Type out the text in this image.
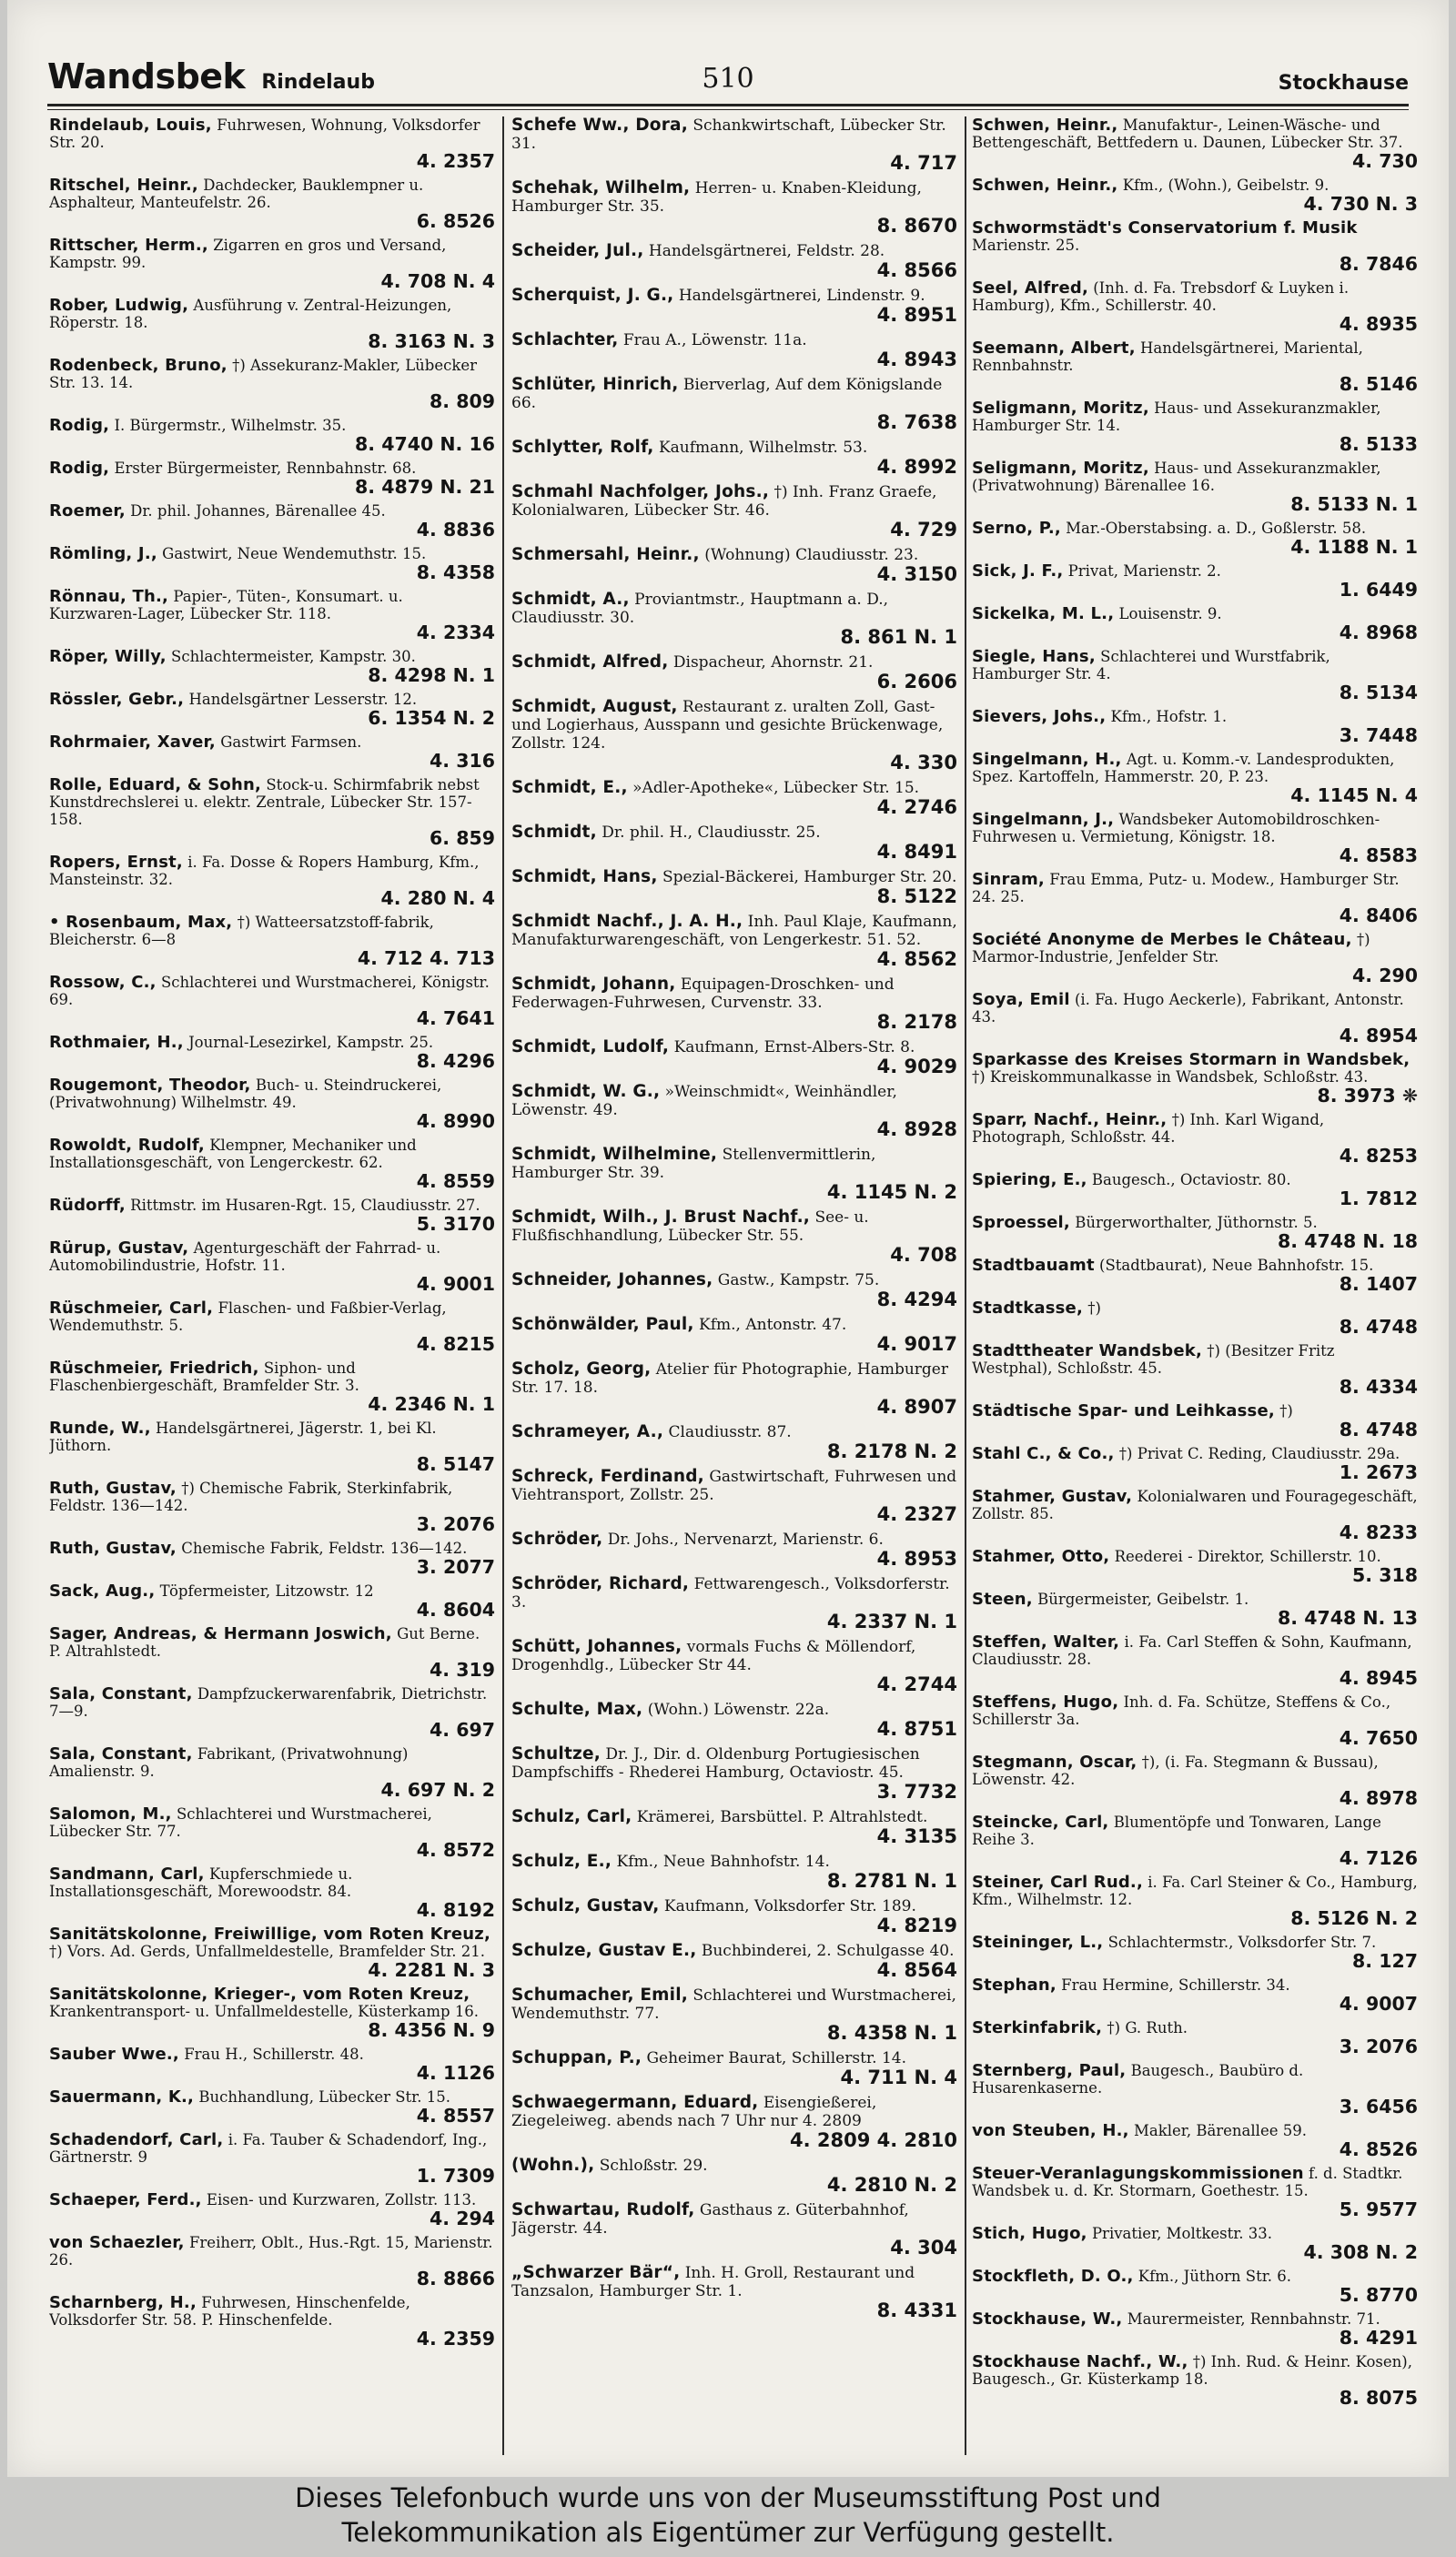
Wandsbek Rindelaub	510	Stockhause
Rindelaub, Louis, Fuhrwesen, Wohnung, Volksdorfer Str. 20.
4. 2357
Ritschel, Heinr., Dachdecker, Bauklempner u. Asphalteur, Manteufelstr. 26.
6. 8526
Rittscher, Herm., Zigarren en gros und Versand, Kampstr. 99.
4. 708 N. 4
Rober, Ludwig, Ausführung v. Zentral-Heizungen, Röperstr. 18.
8. 3163 N. 3
Rodenbeck, Bruno, †) Assekuranz-Makler, Lübecker Str. 13. 14.
8. 809
Rodig, I. Bürgermstr., Wilhelmstr. 35.
8. 4740 N. 16
Rodig, Erster Bürgermeister, Rennbahnstr. 68.
8. 4879 N. 21
Roemer, Dr. phil. Johannes, Bärenallee 45.
4. 8836
Römling, J., Gastwirt, Neue Wendemuthstr. 15.
8. 4358
Rönnau, Th., Papier-, Tüten-, Konsumart. u. Kurzwaren-Lager, Lübecker Str. 118.
4. 2334
Röper, Willy, Schlachtermeister, Kampstr. 30.
8. 4298 N. 1
Rössler, Gebr., Handelsgärtner Lesserstr. 12.
6. 1354 N. 2
Rohrmaier, Xaver, Gastwirt Farmsen.
4. 316
Rolle, Eduard, & Sohn, Stock-u. Schirmfabrik nebst Kunstdrechslerei u. elektr. Zentrale, Lübecker Str. 157-158.
6. 859
Ropers, Ernst, i. Fa. Dosse & Ropers Hamburg, Kfm., Mansteinstr. 32.
4. 280 N. 4
• Rosenbaum, Max, †) Watteersatzstoff-fabrik, Bleicherstr. 6—8
4. 712 4. 713
Rossow, C., Schlachterei und Wurstmacherei, Königstr. 69.
4. 7641
Rothmaier, H., Journal-Lesezirkel, Kampstr. 25.
8. 4296
Rougemont, Theodor, Buch- u. Steindruckerei, (Privatwohnung) Wilhelmstr. 49.
4. 8990
Rowoldt, Rudolf, Klempner, Mechaniker und Installationsgeschäft, von Lengerckestr. 62.
4. 8559
Rüdorff, Rittmstr. im Husaren-Rgt. 15, Claudiusstr. 27.
5. 3170
Rürup, Gustav, Agenturgeschäft der Fahrrad- u. Automobilindustrie, Hofstr. 11.
4. 9001
Rüschmeier, Carl, Flaschen- und Faßbier-Verlag, Wendemuthstr. 5.
4. 8215
Rüschmeier, Friedrich, Siphon- und Flaschenbiergeschäft, Bramfelder Str. 3.
4. 2346 N. 1
Runde, W., Handelsgärtnerei, Jägerstr. 1, bei Kl. Jüthorn.
8. 5147
Ruth, Gustav, †) Chemische Fabrik, Sterkinfabrik, Feldstr. 136—142.
3. 2076
Ruth, Gustav, Chemische Fabrik, Feldstr. 136—142.
3. 2077
Sack, Aug., Töpfermeister, Litzowstr. 12
4. 8604
Sager, Andreas, & Hermann Joswich, Gut Berne. P. Altrahlstedt.
4. 319
Sala, Constant, Dampfzuckerwarenfabrik, Dietrichstr. 7—9.
4. 697
Sala, Constant, Fabrikant, (Privatwohnung) Amalienstr. 9.
4. 697 N. 2
Salomon, M., Schlachterei und Wurstmacherei, Lübecker Str. 77.
4. 8572
Sandmann, Carl, Kupferschmiede u. Installationsgeschäft, Morewoodstr. 84.
4. 8192
Sanitätskolonne, Freiwillige, vom Roten Kreuz, †) Vors. Ad. Gerds, Unfallmeldestelle, Bramfelder Str. 21.
4. 2281 N. 3
Sanitätskolonne, Krieger-, vom Roten Kreuz, Krankentransport- u. Unfallmeldestelle, Küsterkamp 16.
8. 4356 N. 9
Sauber Wwe., Frau H., Schillerstr. 48.
4. 1126
Sauermann, K., Buchhandlung, Lübecker Str. 15.
4. 8557
Schadendorf, Carl, i. Fa. Tauber & Schadendorf, Ing., Gärtnerstr. 9
1. 7309
Schaeper, Ferd., Eisen- und Kurzwaren, Zollstr. 113.
4. 294
von Schaezler, Freiherr, Oblt., Hus.-Rgt. 15, Marienstr. 26.
8. 8866
Scharnberg, H., Fuhrwesen, Hinschenfelde, Volksdorfer Str. 58. P. Hinschenfelde.
4. 2359
Schefe Ww., Dora, Schankwirtschaft, Lübecker Str. 31.
4. 717
Schehak, Wilhelm, Herren- u. Knaben-Kleidung, Hamburger Str. 35.
8. 8670
Scheider, Jul., Handelsgärtnerei, Feldstr. 28.
4. 8566
Scherquist, J. G., Handelsgärtnerei, Lindenstr. 9.
4. 8951
Schlachter, Frau A., Löwenstr. 11a.
4. 8943
Schlüter, Hinrich, Bierverlag, Auf dem Königslande 66.
8. 7638
Schlytter, Rolf, Kaufmann, Wilhelmstr. 53.
4. 8992
Schmahl Nachfolger, Johs., †) Inh. Franz Graefe, Kolonialwaren, Lübecker Str. 46.
4. 729
Schmersahl, Heinr., (Wohnung) Claudiusstr. 23.
4. 3150
Schmidt, A., Proviantmstr., Hauptmann a. D., Claudiusstr. 30.
8. 861 N. 1
Schmidt, Alfred, Dispacheur, Ahornstr. 21.
6. 2606
Schmidt, August, Restaurant z. uralten Zoll, Gast- und Logierhaus, Ausspann und gesichte Brückenwage, Zollstr. 124.
4. 330
Schmidt, E., »Adler-Apotheke«, Lübecker Str. 15.
4. 2746
Schmidt, Dr. phil. H., Claudiusstr. 25.
4. 8491
Schmidt, Hans, Spezial-Bäckerei, Hamburger Str. 20.
8. 5122
Schmidt Nachf., J. A. H., Inh. Paul Klaje, Kaufmann, Manufakturwarengeschäft, von Lengerkestr. 51. 52.
4. 8562
Schmidt, Johann, Equipagen-Droschken- und Federwagen-Fuhrwesen, Curvenstr. 33.
8. 2178
Schmidt, Ludolf, Kaufmann, Ernst-Albers-Str. 8.
4. 9029
Schmidt, W. G., »Weinschmidt«, Weinhändler, Löwenstr. 49.
4. 8928
Schmidt, Wilhelmine, Stellenvermittlerin, Hamburger Str. 39.
4. 1145 N. 2
Schmidt, Wilh., J. Brust Nachf., See- u. Flußfischhandlung, Lübecker Str. 55.
4. 708
Schneider, Johannes, Gastw., Kampstr. 75.
8. 4294
Schönwälder, Paul, Kfm., Antonstr. 47.
4. 9017
Scholz, Georg, Atelier für Photographie, Hamburger Str. 17. 18.
4. 8907
Schrameyer, A., Claudiusstr. 87.
8. 2178 N. 2
Schreck, Ferdinand, Gastwirtschaft, Fuhrwesen und Viehtransport, Zollstr. 25.
4. 2327
Schröder, Dr. Johs., Nervenarzt, Marienstr. 6.
4. 8953
Schröder, Richard, Fettwarengesch., Volksdorferstr. 3.
4. 2337 N. 1
Schütt, Johannes, vormals Fuchs & Möllendorf, Drogenhdlg., Lübecker Str 44.
4. 2744
Schulte, Max, (Wohn.) Löwenstr. 22a.
4. 8751
Schultze, Dr. J., Dir. d. Oldenburg Portugiesischen Dampfschiffs - Rhederei Hamburg, Octaviostr. 45.
3. 7732
Schulz, Carl, Krämerei, Barsbüttel. P. Altrahlstedt.
4. 3135
Schulz, E., Kfm., Neue Bahnhofstr. 14.
8. 2781 N. 1
Schulz, Gustav, Kaufmann, Volksdorfer Str. 189.
4. 8219
Schulze, Gustav E., Buchbinderei, 2. Schulgasse 40.
4. 8564
Schumacher, Emil, Schlachterei und Wurstmacherei, Wendemuthstr. 77.
8. 4358 N. 1
Schuppan, P., Geheimer Baurat, Schillerstr. 14.
4. 711 N. 4
Schwaegermann, Eduard, Eisengießerei, Ziegeleiweg. abends nach 7 Uhr nur 4. 2809
4. 2809 4. 2810
(Wohn.), Schloßstr. 29.
4. 2810 N. 2
Schwartau, Rudolf, Gasthaus z. Güterbahnhof, Jägerstr. 44.
4. 304
„Schwarzer Bär“, Inh. H. Groll, Restaurant und Tanzsalon, Hamburger Str. 1.
8. 4331
Schwen, Heinr., Manufaktur-, Leinen-Wäsche- und Bettengeschäft, Bettfedern u. Daunen, Lübecker Str. 37.
4. 730
Schwen, Heinr., Kfm., (Wohn.), Geibelstr. 9.
4. 730 N. 3
Schwormstädt's Conservatorium f. Musik Marienstr. 25.
8. 7846
Seel, Alfred, (Inh. d. Fa. Trebsdorf & Luyken i. Hamburg), Kfm., Schillerstr. 40.
4. 8935
Seemann, Albert, Handelsgärtnerei, Mariental, Rennbahnstr.
8. 5146
Seligmann, Moritz, Haus- und Assekuranzmakler, Hamburger Str. 14.
8. 5133
Seligmann, Moritz, Haus- und Assekuranzmakler, (Privatwohnung) Bärenallee 16.
8. 5133 N. 1
Serno, P., Mar.-Oberstabsing. a. D., Goßlerstr. 58.
4. 1188 N. 1
Sick, J. F., Privat, Marienstr. 2.
1. 6449
Sickelka, M. L., Louisenstr. 9.
4. 8968
Siegle, Hans, Schlachterei und Wurstfabrik, Hamburger Str. 4.
8. 5134
Sievers, Johs., Kfm., Hofstr. 1.
3. 7448
Singelmann, H., Agt. u. Komm.-v. Landesprodukten, Spez. Kartoffeln, Hammerstr. 20, P. 23.
4. 1145 N. 4
Singelmann, J., Wandsbeker Automobildroschken-Fuhrwesen u. Vermietung, Königstr. 18.
4. 8583
Sinram, Frau Emma, Putz- u. Modew., Hamburger Str. 24. 25.
4. 8406
Société Anonyme de Merbes le Château, †) Marmor-Industrie, Jenfelder Str.
4. 290
Soya, Emil (i. Fa. Hugo Aeckerle), Fabrikant, Antonstr. 43.
4. 8954
Sparkasse des Kreises Stormarn in Wandsbek, †) Kreiskommunalkasse in Wandsbek, Schloßstr. 43.
8. 3973 ❋
Sparr, Nachf., Heinr., †) Inh. Karl Wigand, Photograph, Schloßstr. 44.
4. 8253
Spiering, E., Baugesch., Octaviostr. 80.
1. 7812
Sproessel, Bürgerworthalter, Jüthornstr. 5.
8. 4748 N. 18
Stadtbauamt (Stadtbaurat), Neue Bahnhofstr. 15.
8. 1407
Stadtkasse, †)
8. 4748
Stadttheater Wandsbek, †) (Besitzer Fritz Westphal), Schloßstr. 45.
8. 4334
Städtische Spar- und Leihkasse, †)
8. 4748
Stahl C., & Co., †) Privat C. Reding, Claudiusstr. 29a.
1. 2673
Stahmer, Gustav, Kolonialwaren und Fouragegeschäft, Zollstr. 85.
4. 8233
Stahmer, Otto, Reederei - Direktor, Schillerstr. 10.
5. 318
Steen, Bürgermeister, Geibelstr. 1.
8. 4748 N. 13
Steffen, Walter, i. Fa. Carl Steffen & Sohn, Kaufmann, Claudiusstr. 28.
4. 8945
Steffens, Hugo, Inh. d. Fa. Schütze, Steffens & Co., Schillerstr 3a.
4. 7650
Stegmann, Oscar, †), (i. Fa. Stegmann & Bussau), Löwenstr. 42.
4. 8978
Steincke, Carl, Blumentöpfe und Tonwaren, Lange Reihe 3.
4. 7126
Steiner, Carl Rud., i. Fa. Carl Steiner & Co., Hamburg, Kfm., Wilhelmstr. 12.
8. 5126 N. 2
Steininger, L., Schlachtermstr., Volksdorfer Str. 7.
8. 127
Stephan, Frau Hermine, Schillerstr. 34.
4. 9007
Sterkinfabrik, †) G. Ruth.
3. 2076
Sternberg, Paul, Baugesch., Baubüro d. Husarenkaserne.
3. 6456
von Steuben, H., Makler, Bärenallee 59.
4. 8526
Steuer-Veranlagungskommissionen f. d. Stadtkr. Wandsbek u. d. Kr. Stormarn, Goethestr. 15.
5. 9577
Stich, Hugo, Privatier, Moltkestr. 33.
4. 308 N. 2
Stockfleth, D. O., Kfm., Jüthorn Str. 6.
5. 8770
Stockhause, W., Maurermeister, Rennbahnstr. 71.
8. 4291
Stockhause Nachf., W., †) Inh. Rud. & Heinr. Kosen), Baugesch., Gr. Küsterkamp 18.
8. 8075
Dieses Telefonbuch wurde uns von der Museumsstiftung Post und
Telekommunikation als Eigentümer zur Verfügung gestellt.
